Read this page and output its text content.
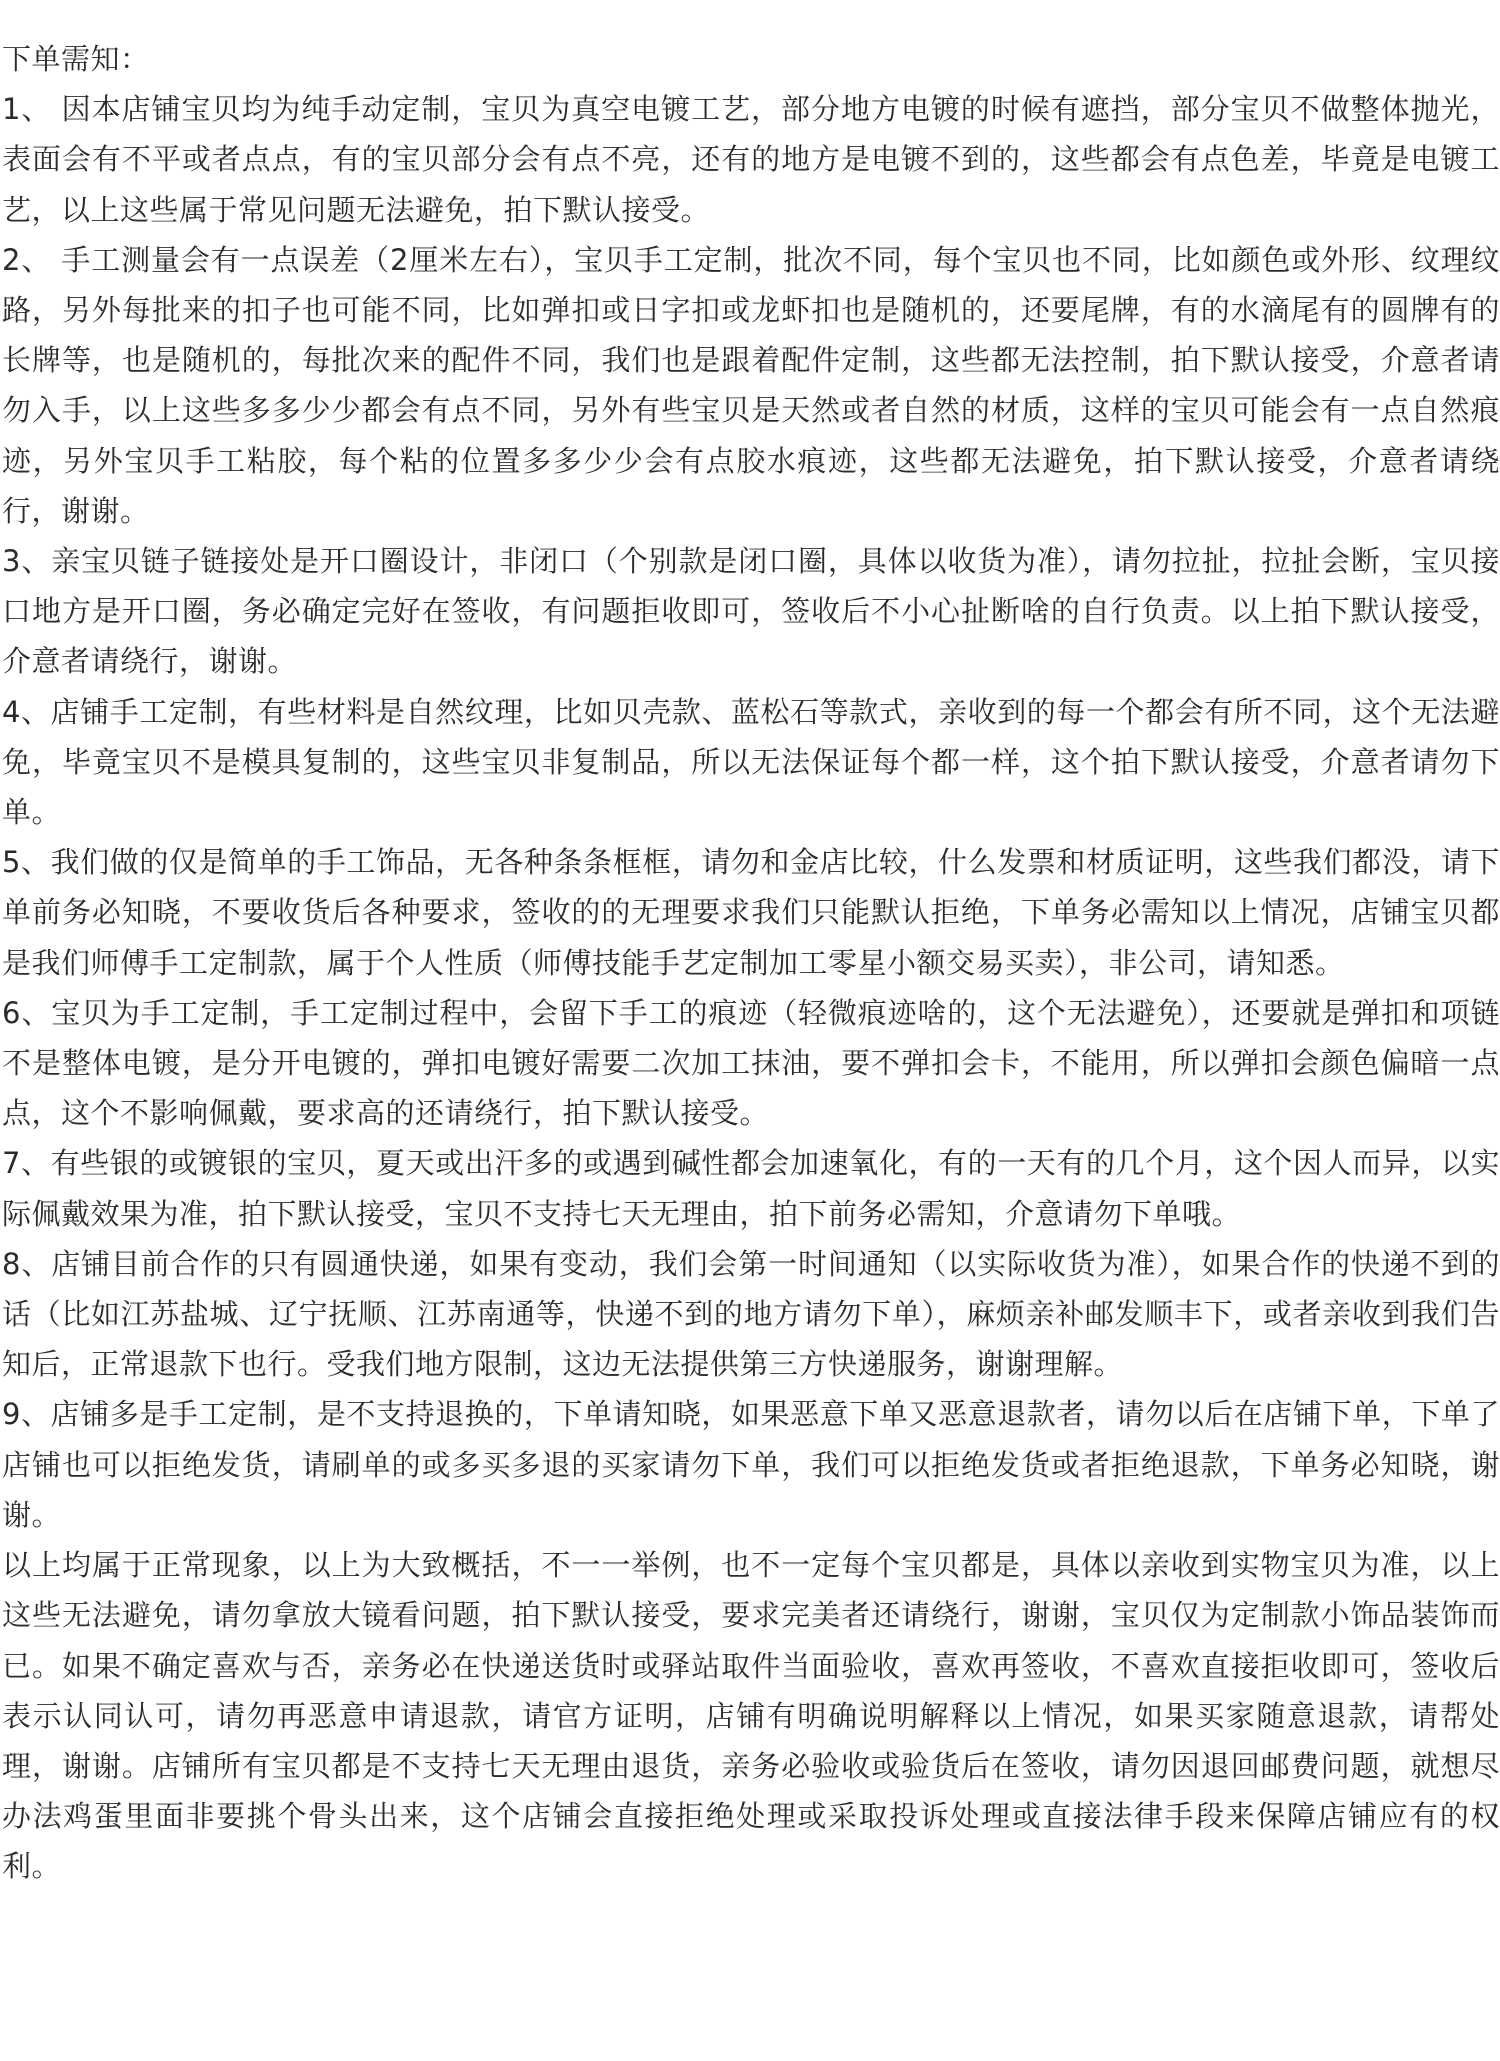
下单需知：

1、 因本店铺宝贝均为纯手动定制，宝贝为真空电镀工艺，部分地方电镀的时候有遮挡，部分宝贝不做整体抛光，表面会有不平或者点点，有的宝贝部分会有点不亮，还有的地方是电镀不到的，这些都会有点色差，毕竟是电镀工艺，以上这些属于常见问题无法避免，拍下默认接受。

2、 手工测量会有一点误差（2厘米左右），宝贝手工定制，批次不同，每个宝贝也不同，比如颜色或外形、纹理纹路，另外每批来的扣子也可能不同，比如弹扣或日字扣或龙虾扣也是随机的，还要尾牌，有的水滴尾有的圆牌有的长牌等，也是随机的，每批次来的配件不同，我们也是跟着配件定制，这些都无法控制，拍下默认接受，介意者请勿入手，以上这些多多少少都会有点不同，另外有些宝贝是天然或者自然的材质，这样的宝贝可能会有一点自然痕迹，另外宝贝手工粘胶，每个粘的位置多多少少会有点胶水痕迹，这些都无法避免，拍下默认接受，介意者请绕行，谢谢。

3、亲宝贝链子链接处是开口圈设计，非闭口（个别款是闭口圈，具体以收货为准），请勿拉扯，拉扯会断，宝贝接口地方是开口圈，务必确定完好在签收，有问题拒收即可，签收后不小心扯断啥的自行负责。以上拍下默认接受，介意者请绕行，谢谢。

4、店铺手工定制，有些材料是自然纹理，比如贝壳款、蓝松石等款式，亲收到的每一个都会有所不同，这个无法避免，毕竟宝贝不是模具复制的，这些宝贝非复制品，所以无法保证每个都一样，这个拍下默认接受，介意者请勿下单。

5、我们做的仅是简单的手工饰品，无各种条条框框，请勿和金店比较，什么发票和材质证明，这些我们都没，请下单前务必知晓，不要收货后各种要求，签收的的无理要求我们只能默认拒绝，下单务必需知以上情况，店铺宝贝都是我们师傅手工定制款，属于个人性质（师傅技能手艺定制加工零星小额交易买卖），非公司，请知悉。

6、宝贝为手工定制，手工定制过程中，会留下手工的痕迹（轻微痕迹啥的，这个无法避免），还要就是弹扣和项链不是整体电镀，是分开电镀的，弹扣电镀好需要二次加工抹油，要不弹扣会卡，不能用，所以弹扣会颜色偏暗一点点，这个不影响佩戴，要求高的还请绕行，拍下默认接受。

7、有些银的或镀银的宝贝，夏天或出汗多的或遇到碱性都会加速氧化，有的一天有的几个月，这个因人而异，以实际佩戴效果为准，拍下默认接受，宝贝不支持七天无理由，拍下前务必需知，介意请勿下单哦。

8、店铺目前合作的只有圆通快递，如果有变动，我们会第一时间通知（以实际收货为准），如果合作的快递不到的话（比如江苏盐城、辽宁抚顺、江苏南通等，快递不到的地方请勿下单），麻烦亲补邮发顺丰下，或者亲收到我们告知后，正常退款下也行。受我们地方限制，这边无法提供第三方快递服务，谢谢理解。

9、店铺多是手工定制，是不支持退换的，下单请知晓，如果恶意下单又恶意退款者，请勿以后在店铺下单，下单了店铺也可以拒绝发货，请刷单的或多买多退的买家请勿下单，我们可以拒绝发货或者拒绝退款，下单务必知晓，谢谢。

以上均属于正常现象，以上为大致概括，不一一举例，也不一定每个宝贝都是，具体以亲收到实物宝贝为准，以上这些无法避免，请勿拿放大镜看问题，拍下默认接受，要求完美者还请绕行，谢谢，宝贝仅为定制款小饰品装饰而已。如果不确定喜欢与否，亲务必在快递送货时或驿站取件当面验收，喜欢再签收，不喜欢直接拒收即可，签收后表示认同认可，请勿再恶意申请退款，请官方证明，店铺有明确说明解释以上情况，如果买家随意退款，请帮处理，谢谢。店铺所有宝贝都是不支持七天无理由退货，亲务必验收或验货后在签收，请勿因退回邮费问题，就想尽办法鸡蛋里面非要挑个骨头出来，这个店铺会直接拒绝处理或采取投诉处理或直接法律手段来保障店铺应有的权利。
